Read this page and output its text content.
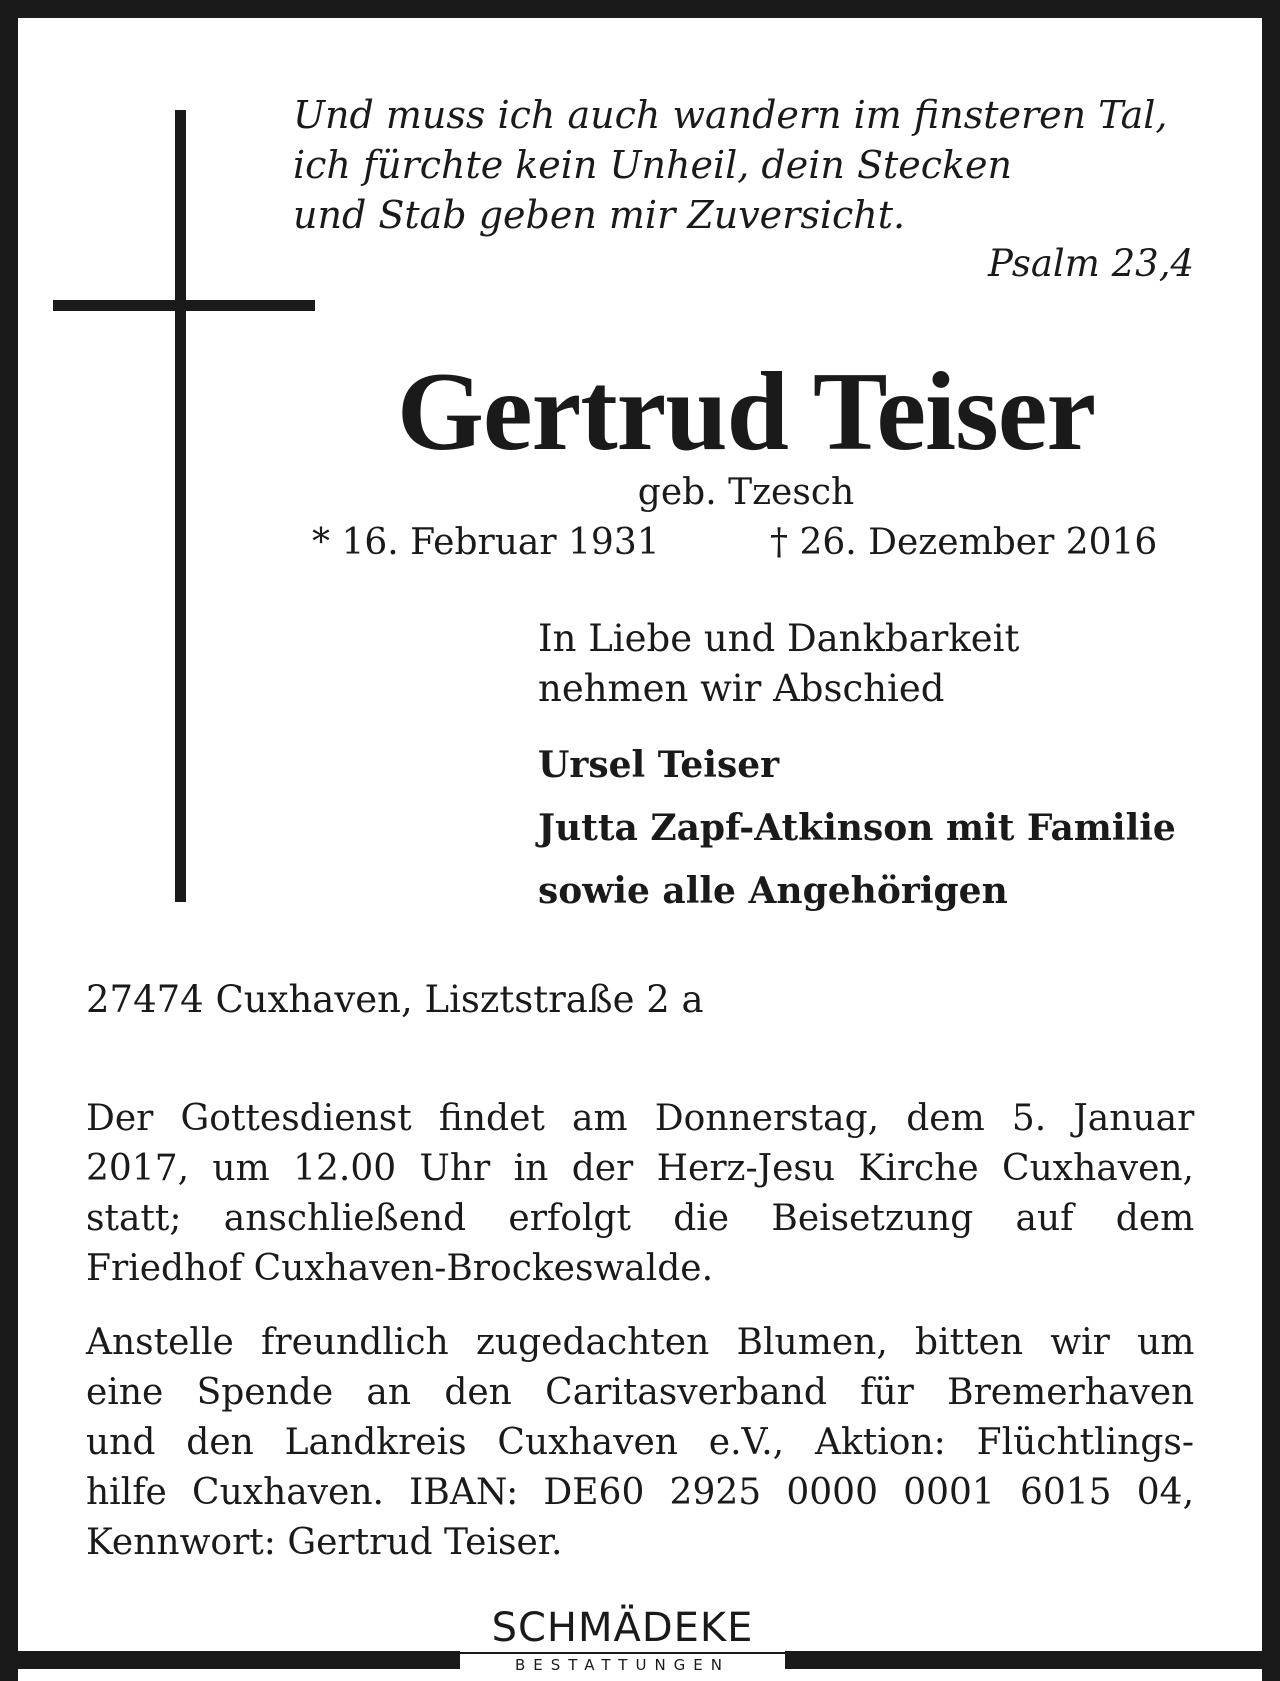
Und muss ich auch wandern im finsteren Tal,
ich fürchte kein Unheil, dein Stecken
und Stab geben mir Zuversicht.
Psalm 23,4
Gertrud Teiser
geb. Tzesch
* 16. Februar 1931	† 26. Dezember 2016
In Liebe und Dankbarkeit
nehmen wir Abschied
Ursel Teiser
Jutta Zapf-Atkinson mit Familie
sowie alle Angehörigen
27474 Cuxhaven, Lisztstraße 2 a
Der Gottesdienst findet am Donnerstag, dem 5. Januar
2017, um 12.00 Uhr in der Herz-Jesu Kirche Cuxhaven,
statt; anschließend erfolgt die Beisetzung auf dem
Friedhof Cuxhaven-Brockeswalde.
Anstelle freundlich zugedachten Blumen, bitten wir um
eine Spende an den Caritasverband für Bremerhaven
und den Landkreis Cuxhaven e.V., Aktion: Flüchtlings-
hilfe Cuxhaven. IBAN: DE60 2925 0000 0001 6015 04,
Kennwort: Gertrud Teiser.
SCHMÄDEKE
BESTATTUNGEN
